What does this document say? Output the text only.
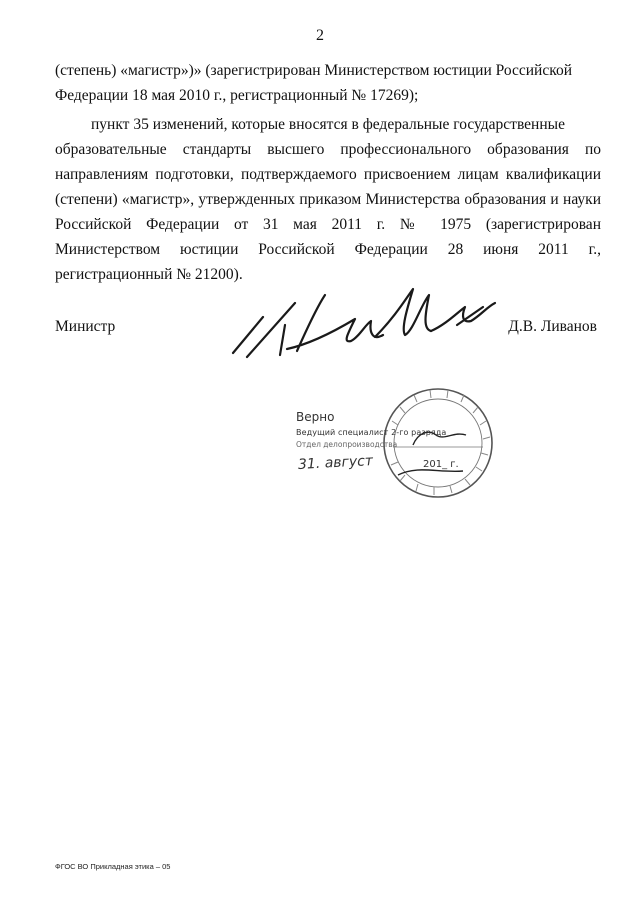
2
(степень) «магистр»)» (зарегистрирован Министерством юстиции Российской
Федерации 18 мая 2010 г., регистрационный № 17269);
пункт 35 изменений, которые вносятся в федеральные государственные
образовательные стандарты высшего профессионального образования по направлениям подготовки, подтверждаемого присвоением лицам квалификации (степени) «магистр», утвержденных приказом Министерства образования и науки Российской Федерации от 31 мая 2011 г. № 1975 (зарегистрирован Министерством юстиции Российской Федерации 28 июня 2011 г., регистрационный № 21200).
Министр	Д.В. Ливанов
Верно
Ведущий специалист 2-го разряда
Отдел делопроизводства
31. авгуcт	201_ г.
ФГОС ВО Прикладная этика – 05
